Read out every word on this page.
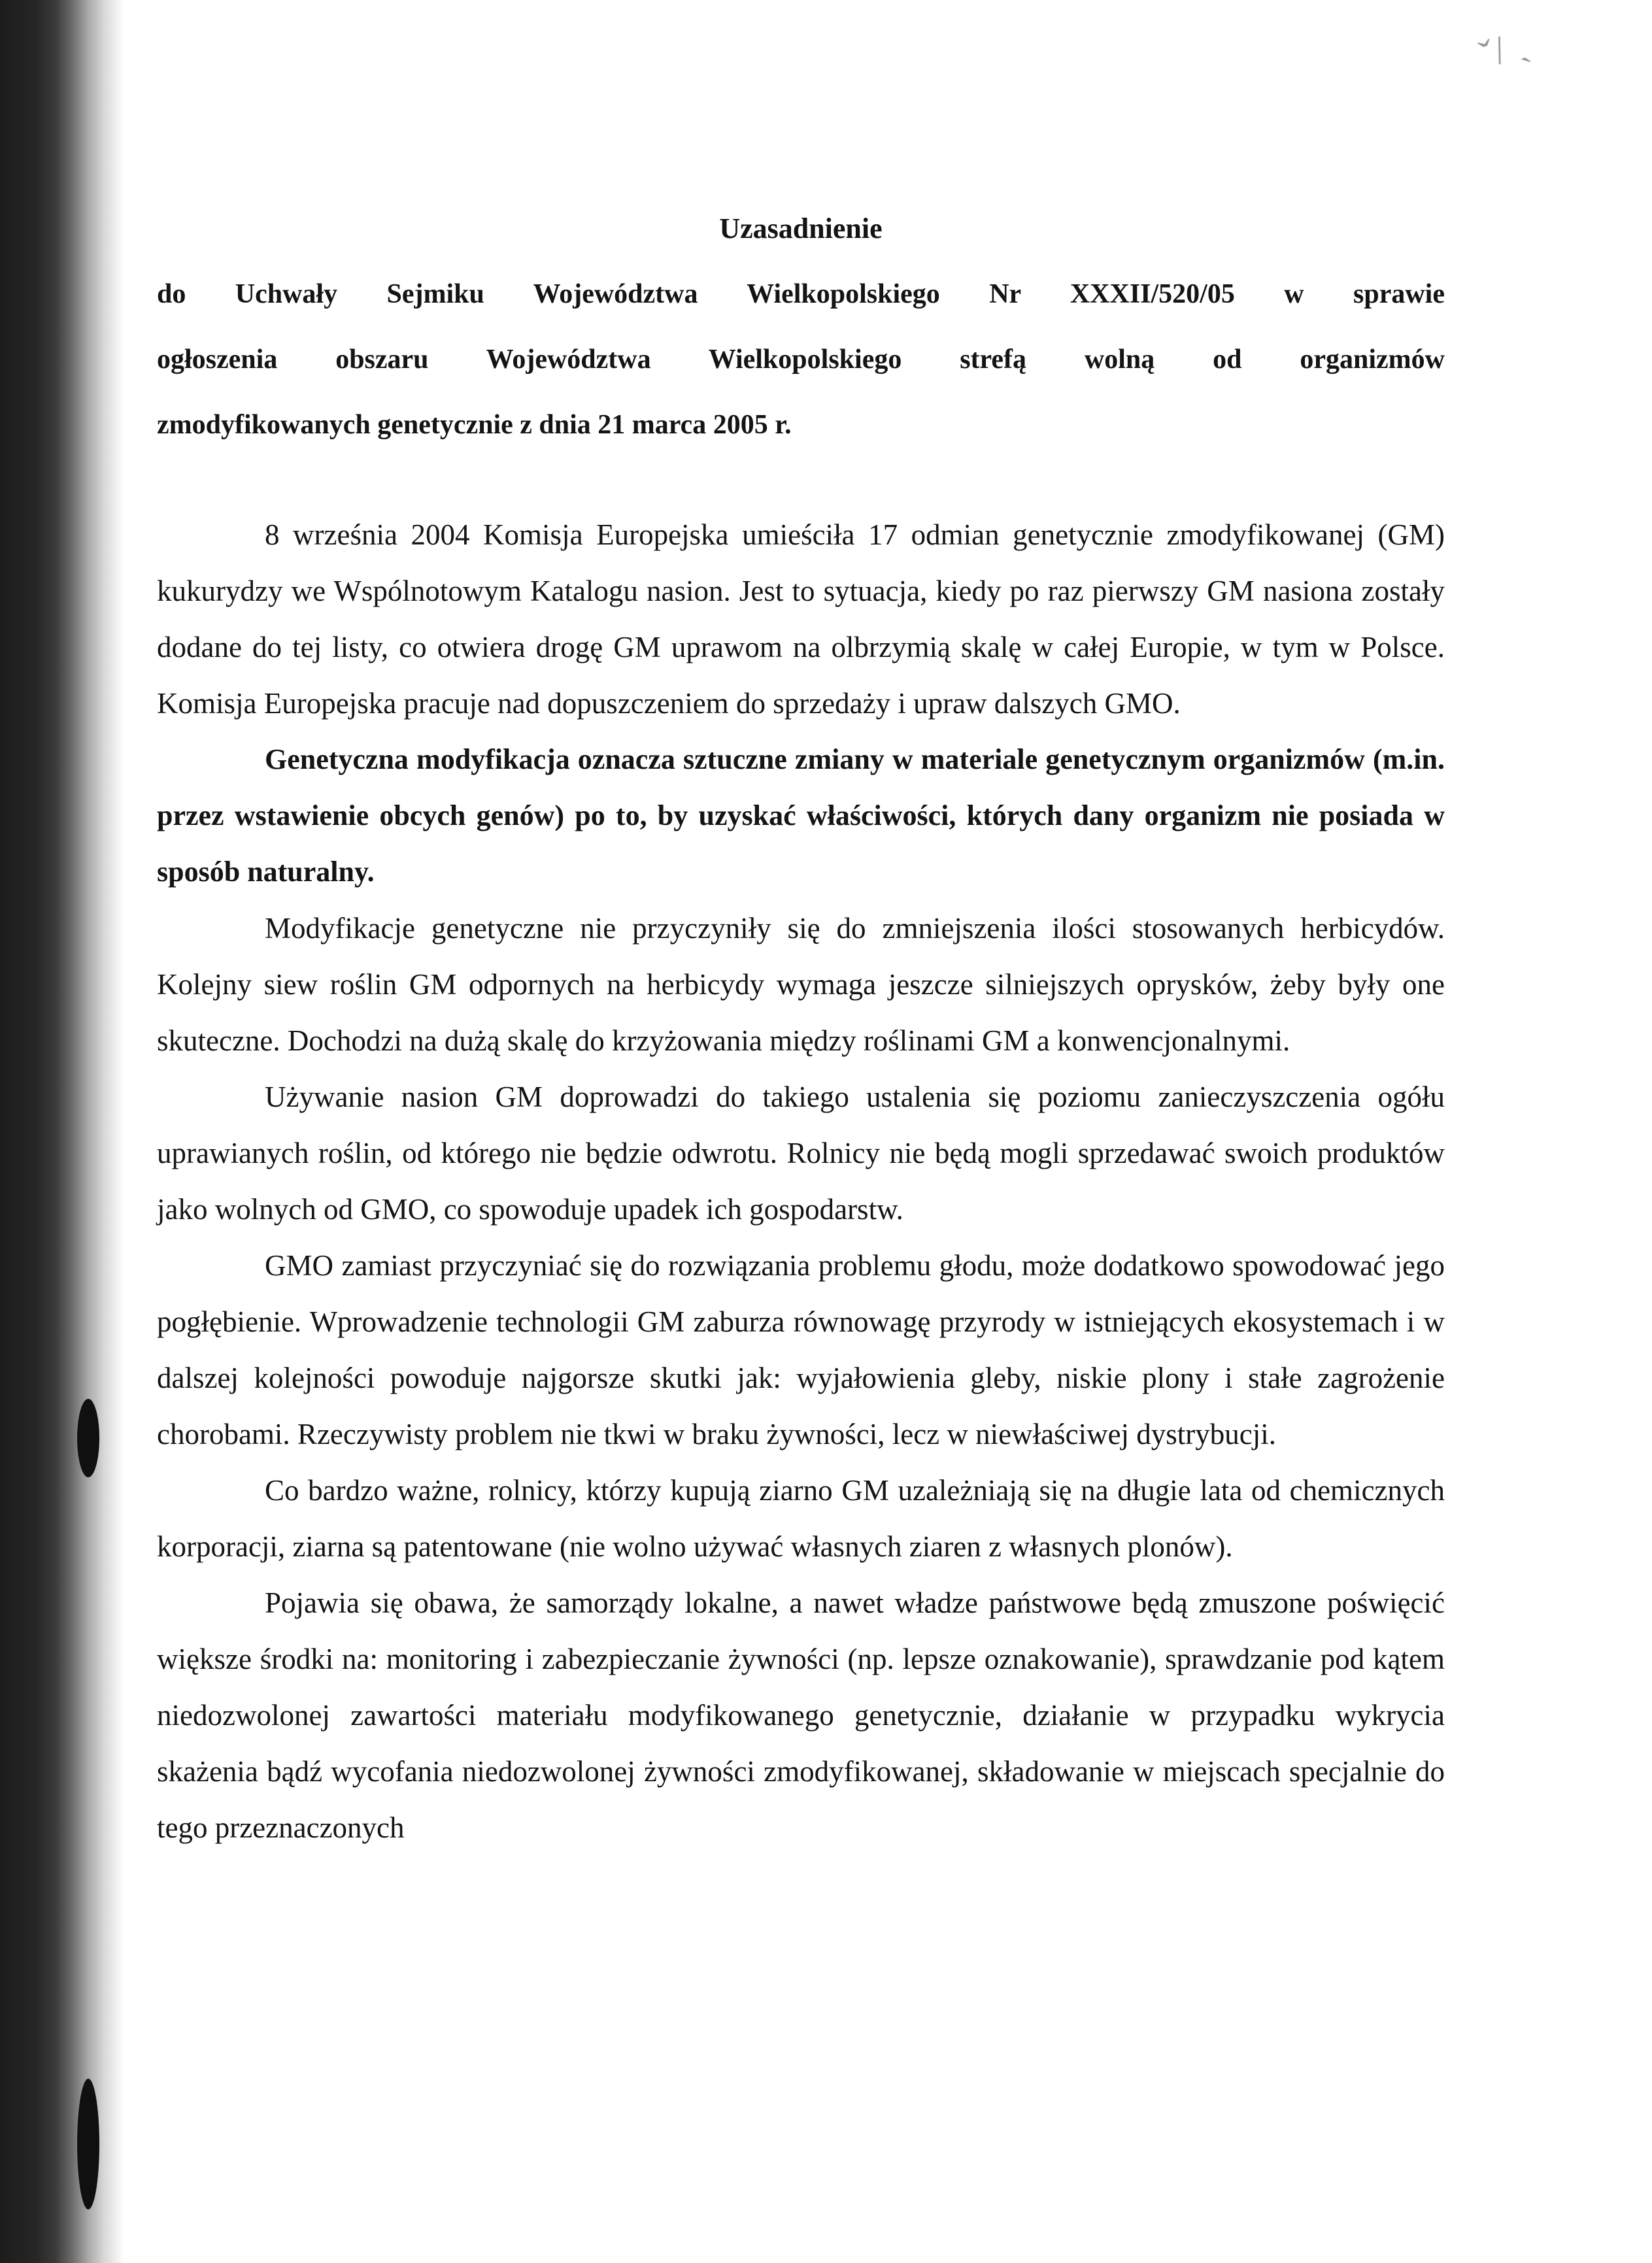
ˇ/ ˎ
Uzasadnienie

do Uchwały Sejmiku Województwa Wielkopolskiego Nr XXXII/520/05 w sprawie

ogłoszenia obszaru Województwa Wielkopolskiego strefą wolną od organizmów

zmodyfikowanych genetycznie z dnia 21 marca 2005 r.

8 września 2004 Komisja Europejska umieściła 17 odmian genetycznie zmodyfikowanej (GM) kukurydzy we Wspólnotowym Katalogu nasion. Jest to sytuacja, kiedy po raz pierwszy GM nasiona zostały dodane do tej listy, co otwiera drogę GM uprawom na olbrzymią skalę w całej Europie, w tym w Polsce. Komisja Europejska pracuje nad dopuszczeniem do sprzedaży i upraw dalszych GMO.

Genetyczna modyfikacja oznacza sztuczne zmiany w materiale genetycznym organizmów (m.in. przez wstawienie obcych genów) po to, by uzyskać właściwości, których dany organizm nie posiada w sposób naturalny.

Modyfikacje genetyczne nie przyczyniły się do zmniejszenia ilości stosowanych herbicydów. Kolejny siew roślin GM odpornych na herbicydy wymaga jeszcze silniejszych oprysków, żeby były one skuteczne. Dochodzi na dużą skalę do krzyżowania między roślinami GM a konwencjonalnymi.

Używanie nasion GM doprowadzi do takiego ustalenia się poziomu zanieczyszczenia ogółu uprawianych roślin, od którego nie będzie odwrotu. Rolnicy nie będą mogli sprzedawać swoich produktów jako wolnych od GMO, co spowoduje upadek ich gospodarstw.

GMO zamiast przyczyniać się do rozwiązania problemu głodu, może dodatkowo spowodować jego pogłębienie. Wprowadzenie technologii GM zaburza równowagę przyrody w istniejących ekosystemach i w dalszej kolejności powoduje najgorsze skutki jak: wyjałowienia gleby, niskie plony i stałe zagrożenie chorobami. Rzeczywisty problem nie tkwi w braku żywności, lecz w niewłaściwej dystrybucji.

Co bardzo ważne, rolnicy, którzy kupują ziarno GM uzależniają się na długie lata od chemicznych korporacji, ziarna są patentowane (nie wolno używać własnych ziaren z własnych plonów).

Pojawia się obawa, że samorządy lokalne, a nawet władze państwowe będą zmuszone poświęcić większe środki na: monitoring i zabezpieczanie żywności (np. lepsze oznakowanie), sprawdzanie pod kątem niedozwolonej zawartości materiału modyfikowanego genetycznie, działanie w przypadku wykrycia skażenia bądź wycofania niedozwolonej żywności zmodyfikowanej, składowanie w miejscach specjalnie do tego przeznaczonych
